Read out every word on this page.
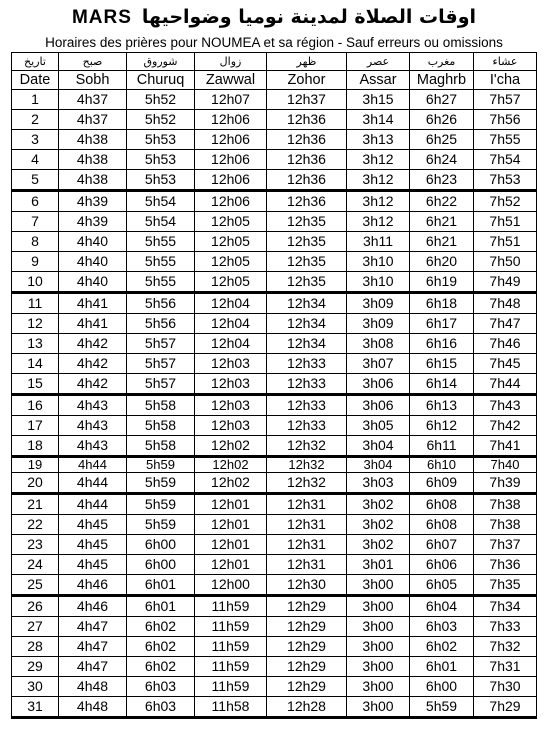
MARS اوقات الصلاة لمدينة نوميا وضواحيها
Horaires des prières pour NOUMEA et sa région - Sauf erreurs ou omissions
تاريخ	صبح	شوروق	زوال	ظهر	عصر	مغرب	عشاء
Date	Sobh	Churuq	Zawwal	Zohor	Assar	Maghrb	I'cha
1	4h37	5h52	12h07	12h37	3h15	6h27	7h57
2	4h37	5h52	12h06	12h36	3h14	6h26	7h56
3	4h38	5h53	12h06	12h36	3h13	6h25	7h55
4	4h38	5h53	12h06	12h36	3h12	6h24	7h54
5	4h38	5h53	12h06	12h36	3h12	6h23	7h53
6	4h39	5h54	12h06	12h36	3h12	6h22	7h52
7	4h39	5h54	12h05	12h35	3h12	6h21	7h51
8	4h40	5h55	12h05	12h35	3h11	6h21	7h51
9	4h40	5h55	12h05	12h35	3h10	6h20	7h50
10	4h40	5h55	12h05	12h35	3h10	6h19	7h49
11	4h41	5h56	12h04	12h34	3h09	6h18	7h48
12	4h41	5h56	12h04	12h34	3h09	6h17	7h47
13	4h42	5h57	12h04	12h34	3h08	6h16	7h46
14	4h42	5h57	12h03	12h33	3h07	6h15	7h45
15	4h42	5h57	12h03	12h33	3h06	6h14	7h44
16	4h43	5h58	12h03	12h33	3h06	6h13	7h43
17	4h43	5h58	12h03	12h33	3h05	6h12	7h42
18	4h43	5h58	12h02	12h32	3h04	6h11	7h41
19	4h44	5h59	12h02	12h32	3h04	6h10	7h40
20	4h44	5h59	12h02	12h32	3h03	6h09	7h39
21	4h44	5h59	12h01	12h31	3h02	6h08	7h38
22	4h45	5h59	12h01	12h31	3h02	6h08	7h38
23	4h45	6h00	12h01	12h31	3h02	6h07	7h37
24	4h45	6h00	12h01	12h31	3h01	6h06	7h36
25	4h46	6h01	12h00	12h30	3h00	6h05	7h35
26	4h46	6h01	11h59	12h29	3h00	6h04	7h34
27	4h47	6h02	11h59	12h29	3h00	6h03	7h33
28	4h47	6h02	11h59	12h29	3h00	6h02	7h32
29	4h47	6h02	11h59	12h29	3h00	6h01	7h31
30	4h48	6h03	11h59	12h29	3h00	6h00	7h30
31	4h48	6h03	11h58	12h28	3h00	5h59	7h29
